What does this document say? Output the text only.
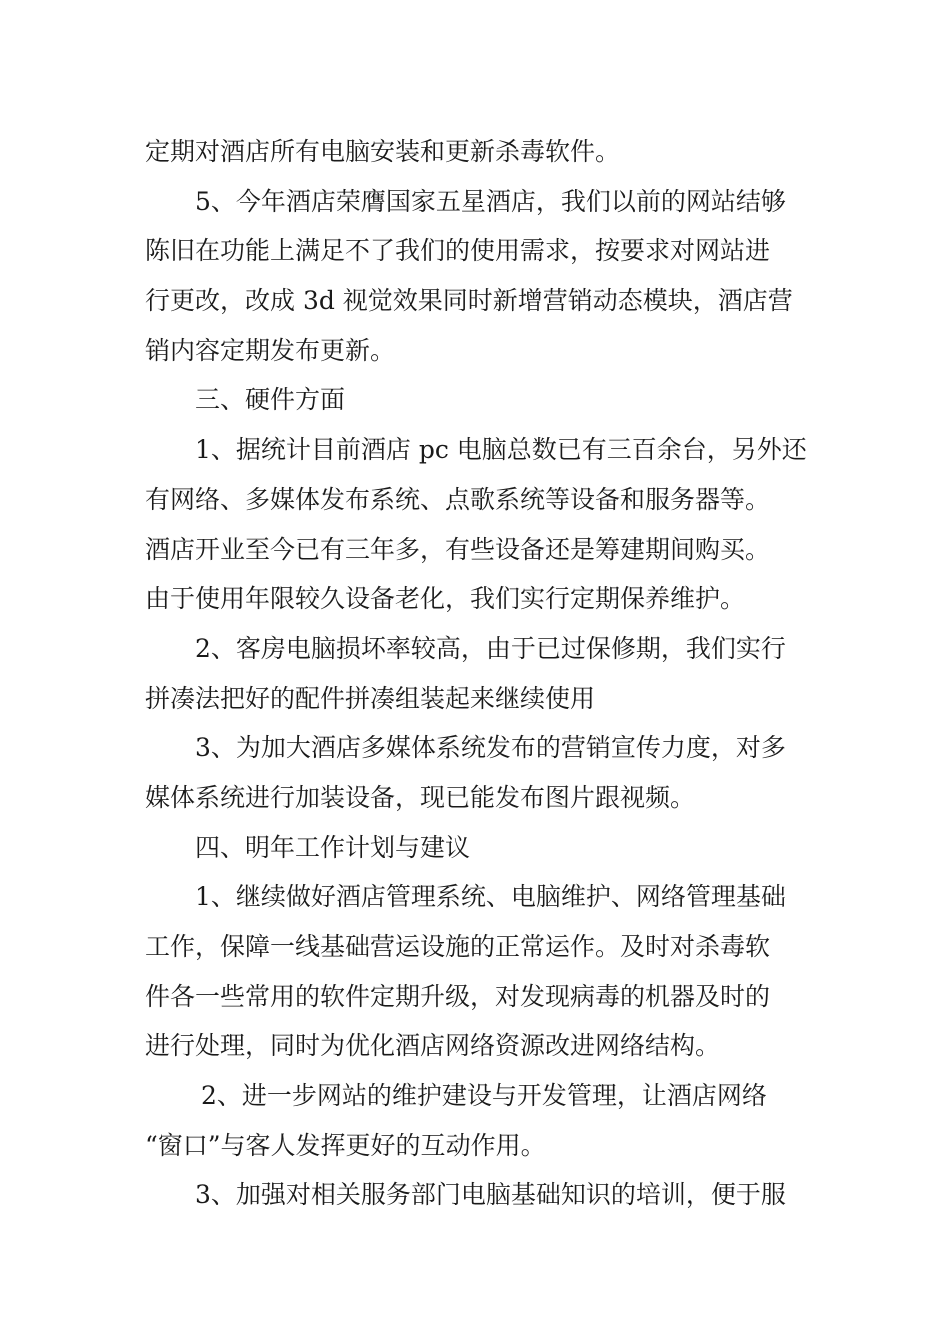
定期对酒店所有电脑安装和更新杀毒软件。
5、今年酒店荣膺国家五星酒店，我们以前的网站结够
陈旧在功能上满足不了我们的使用需求，按要求对网站进
行更改，改成 3d 视觉效果同时新增营销动态模块，酒店营
销内容定期发布更新。
三、硬件方面
1、据统计目前酒店 pc 电脑总数已有三百余台，另外还
有网络、多媒体发布系统、点歌系统等设备和服务器等。
酒店开业至今已有三年多，有些设备还是筹建期间购买。
由于使用年限较久设备老化，我们实行定期保养维护。
2、客房电脑损坏率较高，由于已过保修期，我们实行
拼凑法把好的配件拼凑组装起来继续使用
3、为加大酒店多媒体系统发布的营销宣传力度，对多
媒体系统进行加装设备，现已能发布图片跟视频。
四、明年工作计划与建议
1、继续做好酒店管理系统、电脑维护、网络管理基础
工作，保障一线基础营运设施的正常运作。及时对杀毒软
件各一些常用的软件定期升级，对发现病毒的机器及时的
进行处理，同时为优化酒店网络资源改进网络结构。
2、进一步网站的维护建设与开发管理，让酒店网络
“窗口”与客人发挥更好的互动作用。
3、加强对相关服务部门电脑基础知识的培训，便于服
